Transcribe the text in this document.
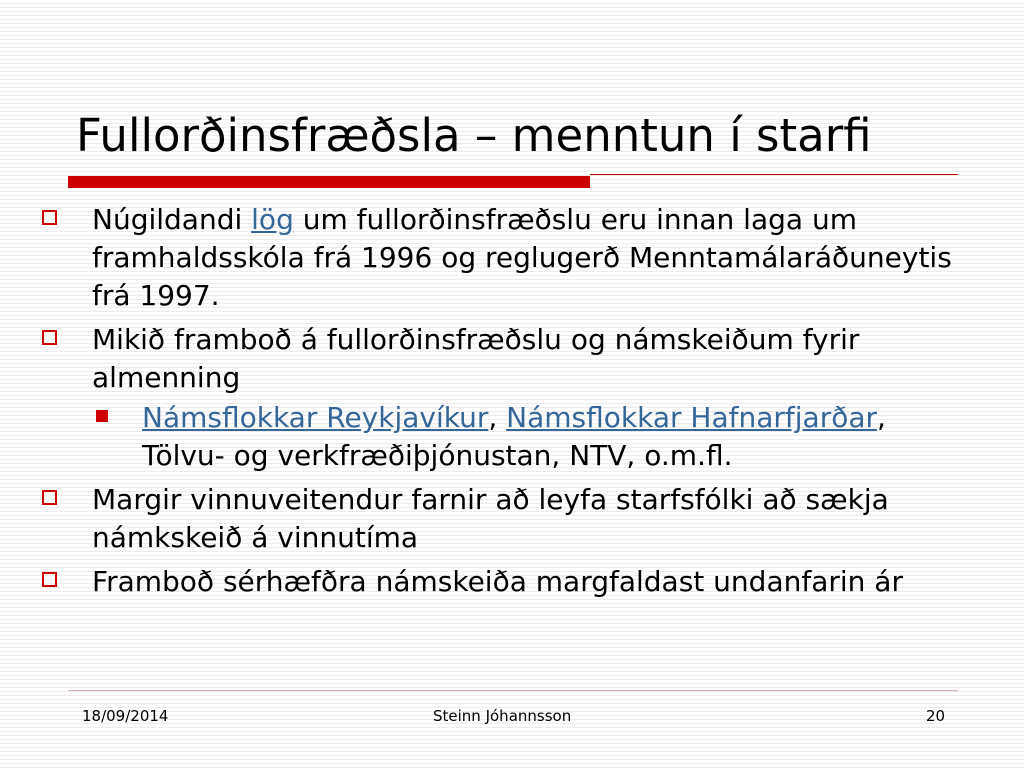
Fullorðinsfræðsla – menntun í starfi
Núgildandi lög um fullorðinsfræðslu eru innan laga um framhaldsskóla frá 1996 og reglugerð Menntamálaráðuneytis frá 1997.
Mikið framboð á fullorðinsfræðslu og námskeiðum fyrir almenning
Námsflokkar Reykjavíkur, Námsflokkar Hafnarfjarðar, Tölvu- og verkfræðiþjónustan, NTV, o.m.fl.
Margir vinnuveitendur farnir að leyfa starfsfólki að sækja námkskeið á vinnutíma
Framboð sérhæfðra námskeiða margfaldast undanfarin ár
18/09/2014	Steinn Jóhannsson	20
